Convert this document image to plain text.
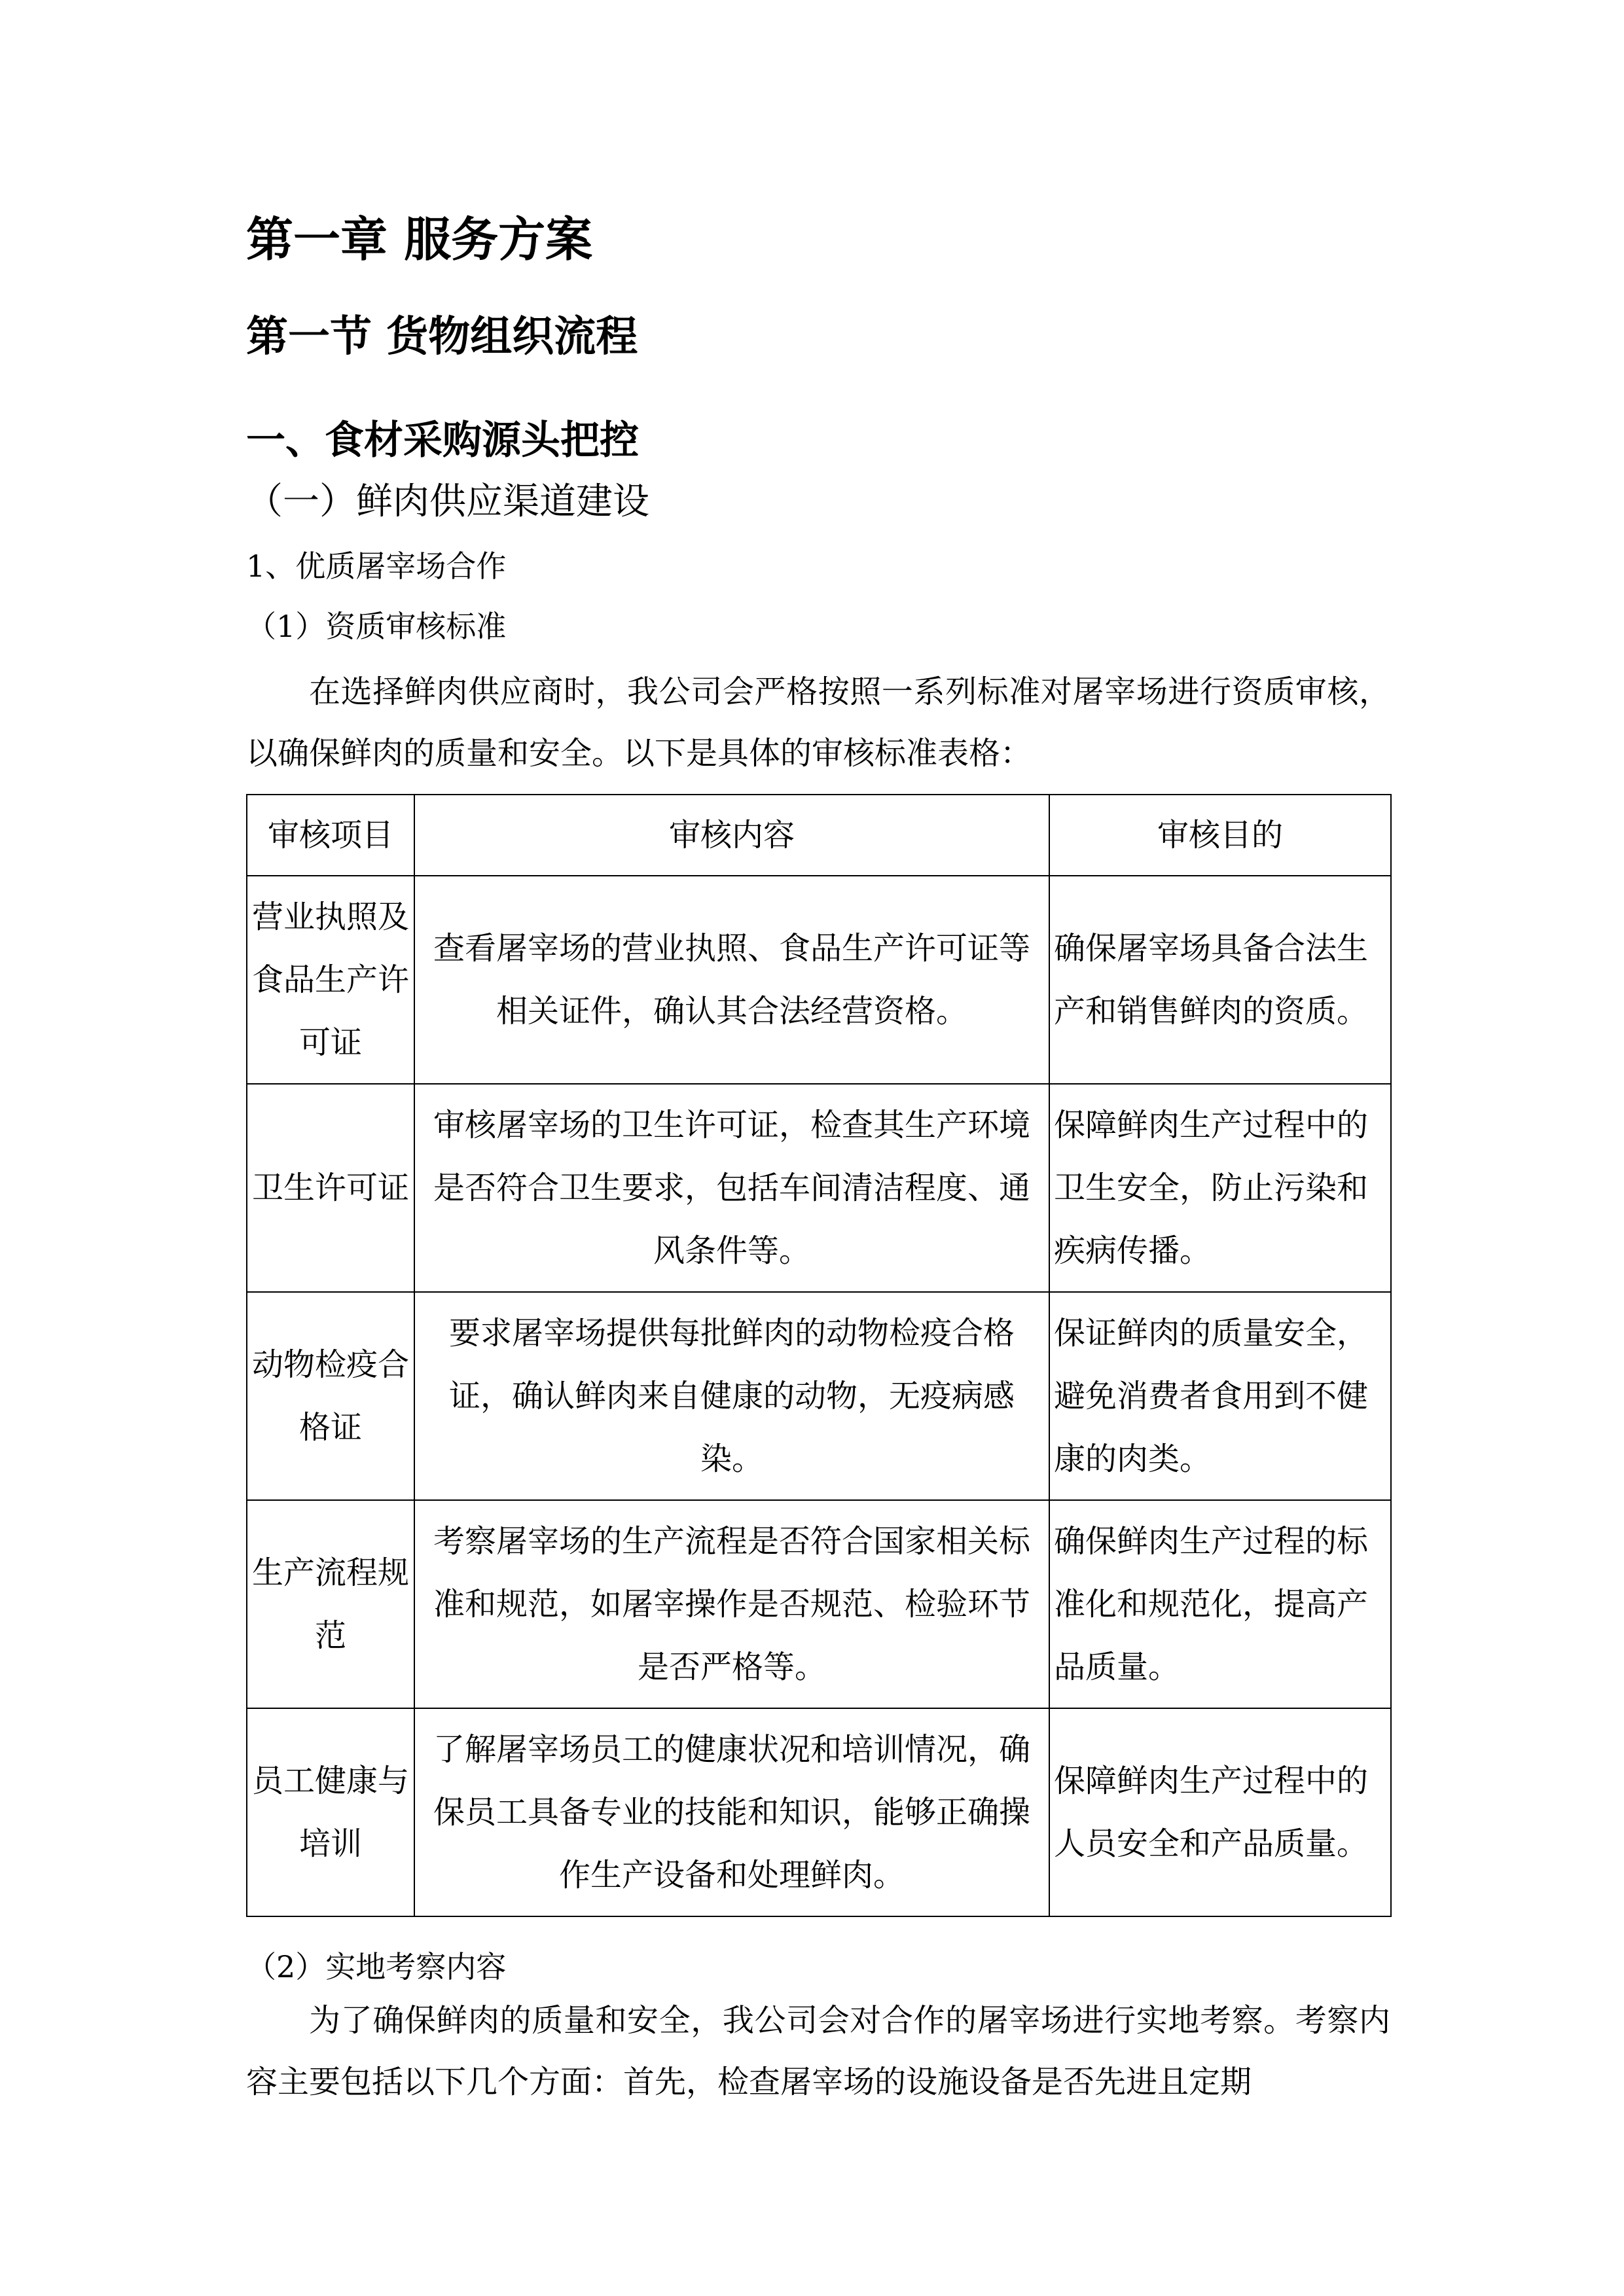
第一章 服务方案
第一节 货物组织流程
一、食材采购源头把控
（一）鲜肉供应渠道建设
1、优质屠宰场合作
（1）资质审核标准

在选择鲜肉供应商时，我公司会严格按照一系列标准对屠宰场进行资质审核，以确保鲜肉的质量和安全。以下是具体的审核标准表格：

审核项目	审核内容	审核目的
营业执照及食品生产许可证	查看屠宰场的营业执照、食品生产许可证等相关证件，确认其合法经营资格。	确保屠宰场具备合法生产和销售鲜肉的资质。
卫生许可证	审核屠宰场的卫生许可证，检查其生产环境是否符合卫生要求，包括车间清洁程度、通风条件等。	保障鲜肉生产过程中的卫生安全，防止污染和疾病传播。
动物检疫合格证	要求屠宰场提供每批鲜肉的动物检疫合格证，确认鲜肉来自健康的动物，无疫病感染。	保证鲜肉的质量安全，避免消费者食用到不健康的肉类。
生产流程规范	考察屠宰场的生产流程是否符合国家相关标准和规范，如屠宰操作是否规范、检验环节是否严格等。	确保鲜肉生产过程的标准化和规范化，提高产品质量。
员工健康与培训	了解屠宰场员工的健康状况和培训情况，确保员工具备专业的技能和知识，能够正确操作生产设备和处理鲜肉。	保障鲜肉生产过程中的人员安全和产品质量。
（2）实地考察内容

为了确保鲜肉的质量和安全，我公司会对合作的屠宰场进行实地考察。考察内容主要包括以下几个方面：首先，检查屠宰场的设施设备是否先进且定期
